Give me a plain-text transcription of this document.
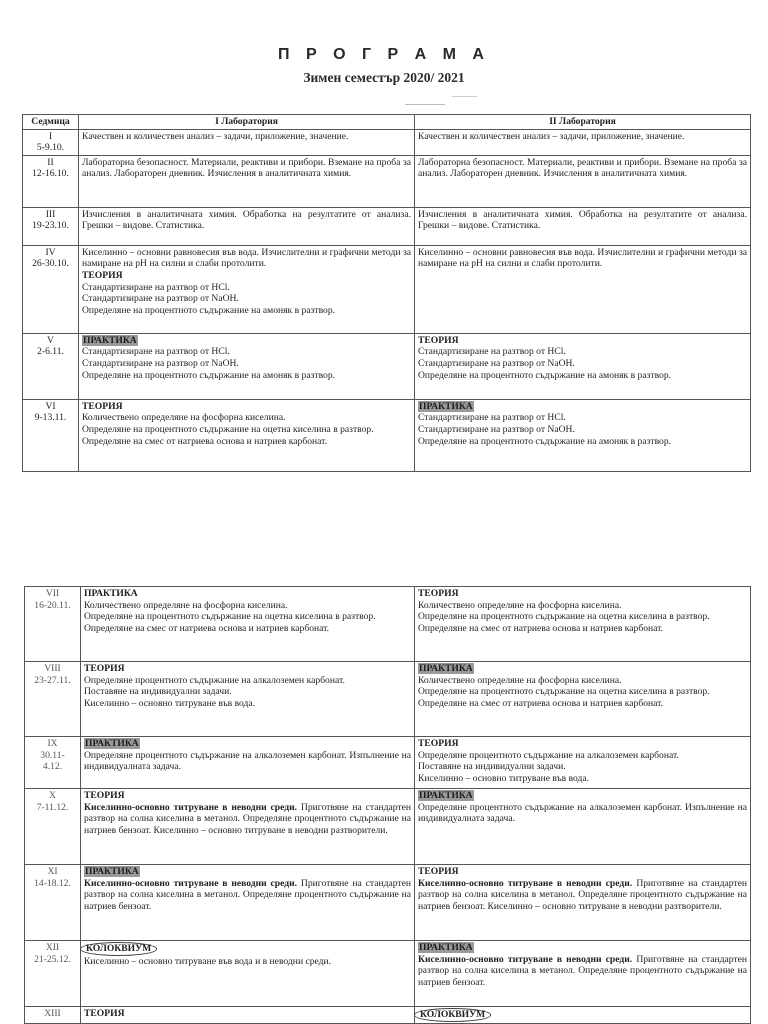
П Р О Г Р А М А
Зимен семестър 2020/ 2021
Седмица	I Лаборатория	II Лаборатория

I
5-9.10.	Качествен и количествен анализ – задачи, приложение, значение.	Качествен и количествен анализ – задачи, приложение, значение.

II
12-16.10.	Лабораторна безопасност. Материали, реактиви и прибори. Вземане на проба за анализ. Лабораторен дневник. Изчисления в аналитичната химия.	Лабораторна безопасност. Материали, реактиви и прибори. Вземане на проба за анализ. Лабораторен дневник. Изчисления в аналитичната химия.

III
19-23.10.	Изчисления в аналитичната химия. Обработка на резултатите от анализа. Грешки – видове. Статистика.	Изчисления в аналитичната химия. Обработка на резултатите от анализа. Грешки – видове. Статистика.

IV
26-30.10.	Киселинно – основни равновесия във вода. Изчислителни и графични методи за намиране на pH на силни и слаби протолити.
ТЕОРИЯ
Стандартизиране на разтвор от HCl.
Стандартизиране на разтвор от NaOH.
Определяне на процентното съдържание на амоняк в разтвор.	Киселинно – основни равновесия във вода. Изчислителни и графични методи за намиране на pH на силни и слаби протолити.

V
2-6.11.	ПРАКТИКА
Стандартизиране на разтвор от HCl.
Стандартизиране на разтвор от NaOH.
Определяне на процентното съдържание на амоняк в разтвор.	ТЕОРИЯ
Стандартизиране на разтвор от HCl.
Стандартизиране на разтвор от NaOH.
Определяне на процентното съдържание на амоняк в разтвор.

VI
9-13.11.	ТЕОРИЯ
Количествено определяне на фосфорна киселина.
Определяне на процентното съдържание на оцетна киселина в разтвор.
Определяне на смес от натриева основа и натриев карбонат.	ПРАКТИКА
Стандартизиране на разтвор от HCl.
Стандартизиране на разтвор от NaOH.
Определяне на процентното съдържание на амоняк в разтвор.
VII
16-20.11.	ПРАКТИКА
Количествено определяне на фосфорна киселина.
Определяне на процентното съдържание на оцетна киселина в разтвор.
Определяне на смес от натриева основа и натриев карбонат.	ТЕОРИЯ
Количествено определяне на фосфорна киселина.
Определяне на процентното съдържание на оцетна киселина в разтвор.
Определяне на смес от натриева основа и натриев карбонат.

VIII
23-27.11.	ТЕОРИЯ
Определяне процентното съдържание на алкалоземен карбонат.
Поставяне на индивидуални задачи.
Киселинно – основно титруване във вода.	ПРАКТИКА
Количествено определяне на фосфорна киселина.
Определяне на процентното съдържание на оцетна киселина в разтвор.
Определяне на смес от натриева основа и натриев карбонат.

IX
30.11-
4.12.	ПРАКТИКА
Определяне процентното съдържание на алкалоземен карбонат. Изпълнение на индивидуалната задача.	ТЕОРИЯ
Определяне процентното съдържание на алкалоземен карбонат.
Поставяне на индивидуални задачи.
Киселинно – основно титруване във вода.

X
7-11.12.	ТЕОРИЯ
Киселинно-основно титруване в неводни среди. Приготвяне на стандартен разтвор на солна киселина в метанол. Определяне процентното съдържание на натриев бензоат. Киселинно – основно титруване в неводни разтворители.	ПРАКТИКА
Определяне процентното съдържание на алкалоземен карбонат. Изпълнение на индивидуалната задача.

XI
14-18.12.	ПРАКТИКА
Киселинно-основно титруване в неводни среди. Приготвяне на стандартен разтвор на солна киселина в метанол. Определяне процентното съдържание на натриев бензоат.	ТЕОРИЯ
Киселинно-основно титруване в неводни среди. Приготвяне на стандартен разтвор на солна киселина в метанол. Определяне процентното съдържание на натриев бензоат. Киселинно – основно титруване в неводни разтворители.

XII
21-25.12.	КОЛОКВИУМ
Киселинно – основно титруване във вода и в неводни среди.	ПРАКТИКА
Киселинно-основно титруване в неводни среди. Приготвяне на стандартен разтвор на солна киселина в метанол. Определяне процентното съдържание на натриев бензоат.

XIII	ТЕОРИЯ	КОЛОКВИУМ
